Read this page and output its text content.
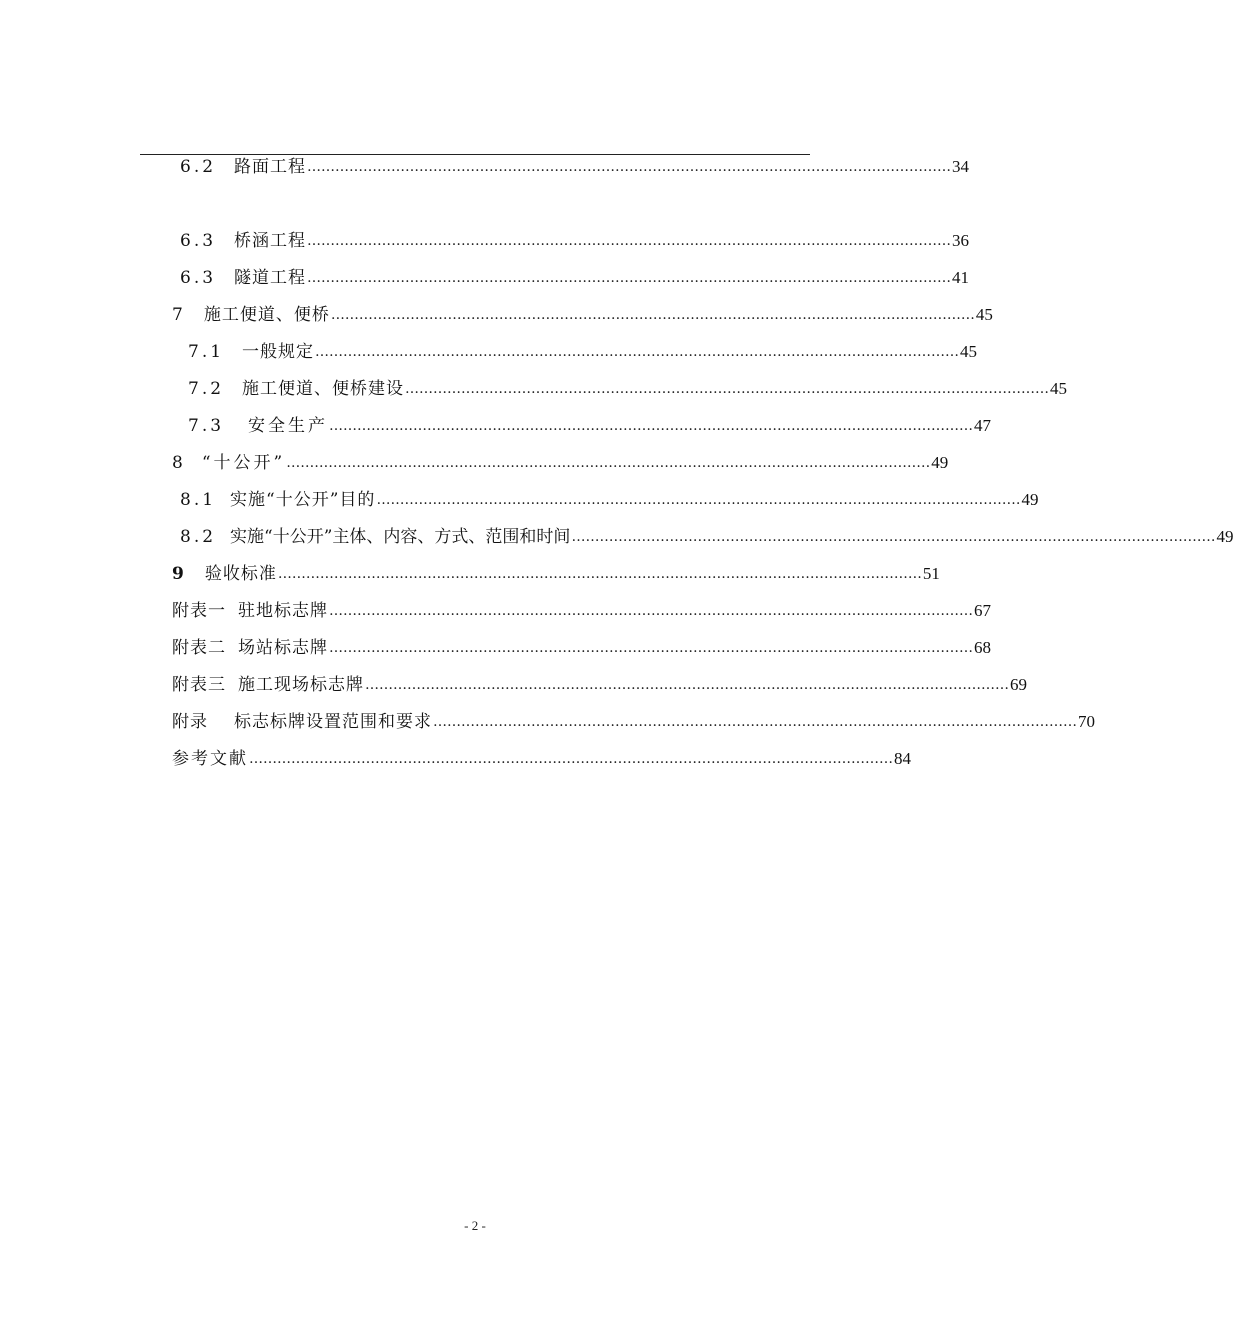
6.2 路面工程 ………………………………………………………………………………………………………………………… 34
6.3 桥涵工程 ………………………………………………………………………………………………………………………… 36
6.3 隧道工程 ………………………………………………………………………………………………………………………… 41
7 施工便道、便桥 ………………………………………………………………………………………………………………………… 45
7.1 一般规定 ………………………………………………………………………………………………………………………… 45
7.2 施工便道、便桥建设 ………………………………………………………………………………………………………………………… 45
7.3 安全生产 ………………………………………………………………………………………………………………………… 47
8 “十公开” ………………………………………………………………………………………………………………………… 49
8.1 实施“十公开”目的 ………………………………………………………………………………………………………………………… 49
8.2 实施“十公开”主体、内容、方式、范围和时间 ………………………………………………………………………………………………………………………… 49
9 验收标准 ………………………………………………………………………………………………………………………… 51
附表一 驻地标志牌 ………………………………………………………………………………………………………………………… 67
附表二 场站标志牌 ………………………………………………………………………………………………………………………… 68
附表三 施工现场标志牌 ………………………………………………………………………………………………………………………… 69
附录 标志标牌设置范围和要求 ………………………………………………………………………………………………………………………… 70
参考文献 ………………………………………………………………………………………………………………………… 84
- 2 -
